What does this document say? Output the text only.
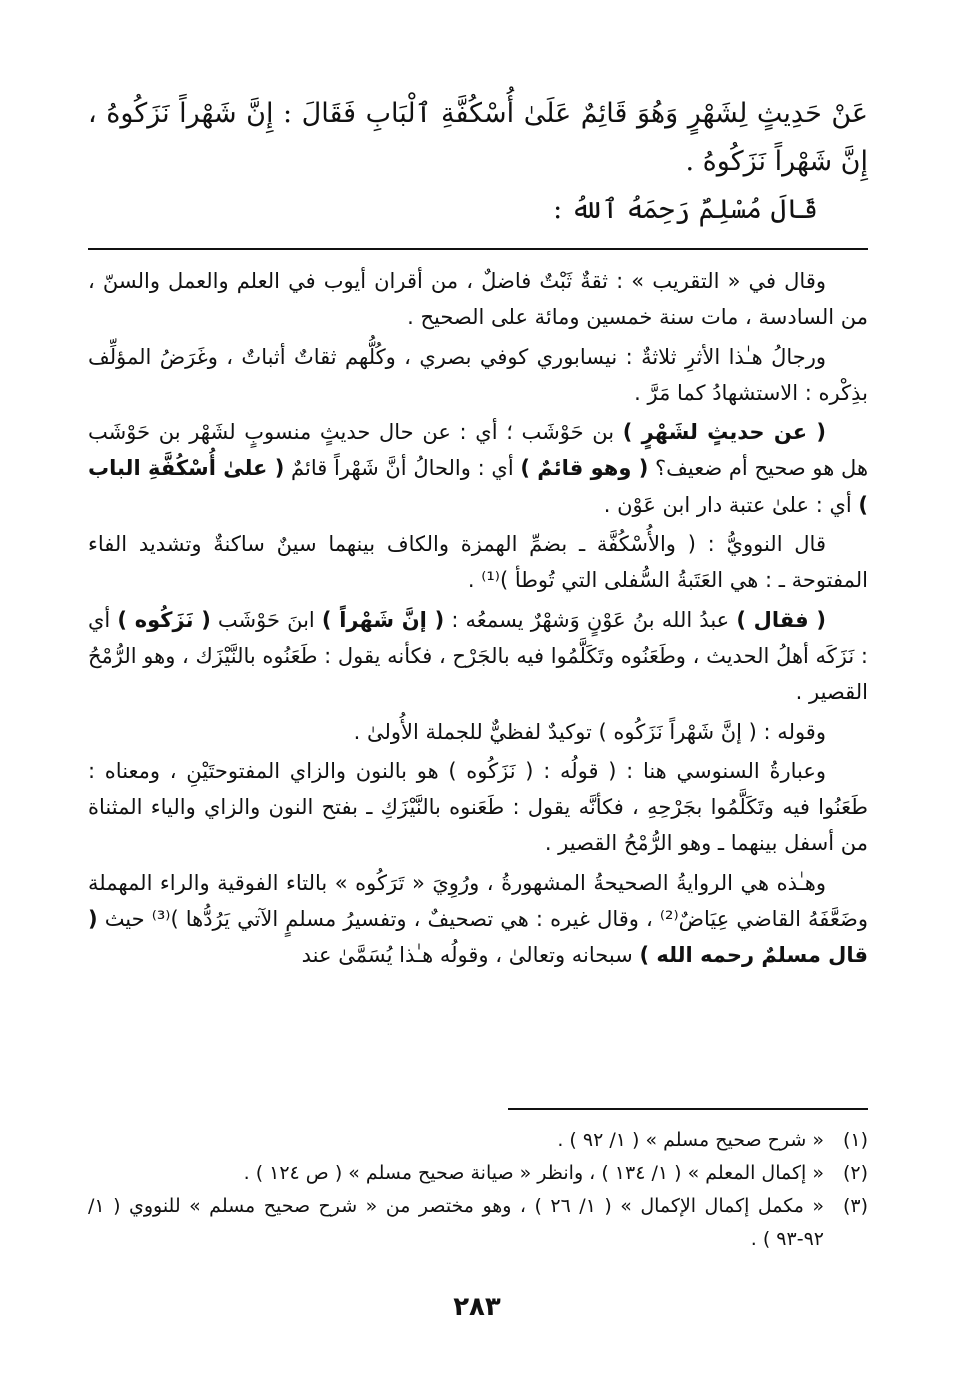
عَنْ حَدِيثٍ لِشَهْرٍ وَهُوَ قَائِمٌ عَلَىٰ أُسْكُفَّةِ ٱلْبَابِ فَقَالَ : إِنَّ شَهْراً نَزَكُوهُ ، إِنَّ شَهْراً نَزَكُوهُ .

قَالَ مُسْلِمٌ رَحِمَهُ ٱللهُ :

وقال في « التقريب » : ثقةٌ ثَبْتٌ فاضلٌ ، من أقران أيوب في العلم والعمل والسنّ ، من السادسة ، مات سنة خمسين ومائة على الصحيح .

ورجالُ هـٰذا الأثرِ ثلاثةٌ : نيسابوري كوفي بصري ، وكُلُّهم ثقاتٌ أثباتٌ ، وغَرَضُ المؤلِّف بذِكْره : الاستشهادُ كما مَرَّ .

( عن حديثٍ لشَهْرٍ ) بن حَوْشَب ؛ أي : عن حال حديثٍ منسوبٍ لشَهْر بن حَوْشَب هل هو صحيح أم ضعيف؟ ( وهو قائمٌ ) أي : والحالُ أنَّ شَهْراً قائمٌ ( علىٰ أُسْكُفَّةِ الباب ) أي : علىٰ عتبة دار ابن عَوْن .

قال النوويُّ : ( والأُسْكُفَّة ـ بضمِّ الهمزة والكاف بينهما سينٌ ساكنةٌ وتشديد الفاء المفتوحة ـ : هي العَتَبةُ السُّفلى التي تُوطأ )⁽¹⁾ .

( فقال ) عبدُ الله بنُ عَوْنٍ وَشهْرٌ يسمعُه : ( إنَّ شَهْراً ) ابنَ حَوْشَب ( نَزَكُوه ) أي : نَزَكَه أهلُ الحديث ، وطَعَنُوه وتَكَلَّمُوا فيه بالجَرْح ، فكأنه يقول : طَعَنُوه بالنَّيْزَك ، وهو الرُّمْحُ القصير .

وقوله : ( إنَّ شَهْراً نَزَكُوه ) توكيدٌ لفظيٌّ للجملة الأُولىٰ .

وعبارةُ السنوسي هنا : ( قولُه : ( نَزَكُوه ) هو بالنون والزاي المفتوحتَيْنِ ، ومعناه : طَعَنُوا فيه وتَكَلَّمُوا بجَرْحِهِ ، فكأنَّه يقول : طَعَنوه بالنَّيْزَكِ ـ بفتح النون والزاي والياء المثناة من أسفل بينهما ـ وهو الرُّمْحُ القصير .

وهـٰذه هي الروايةُ الصحيحةُ المشهورةُ ، ورُوِيَ « تَرَكُوه » بالتاء الفوقية والراء المهملة وضَعَّفَهُ القاضي عِيَاضٌ⁽²⁾ ، وقال غيره : هي تصحيفٌ ، وتفسيرُ مسلمٍ الآتي يَرُدُّها )⁽³⁾ حيث ( قال مسلمٌ رحمه الله ) سبحانه وتعالىٰ ، وقولُه هـٰذا يُسَمَّىٰ عند

(١)
« شرح صحيح مسلم » ( ١/ ٩٢ ) .
(٢)
« إكمال المعلم » ( ١/ ١٣٤ ) ، وانظر « صيانة صحيح مسلم » ( ص ١٢٤ ) .
(٣)
« مكمل إكمال الإكمال » ( ١/ ٢٦ ) ، وهو مختصر من « شرح صحيح مسلم » للنووي ( ١/ ٩٢-٩٣ ) .
٢٨٣
